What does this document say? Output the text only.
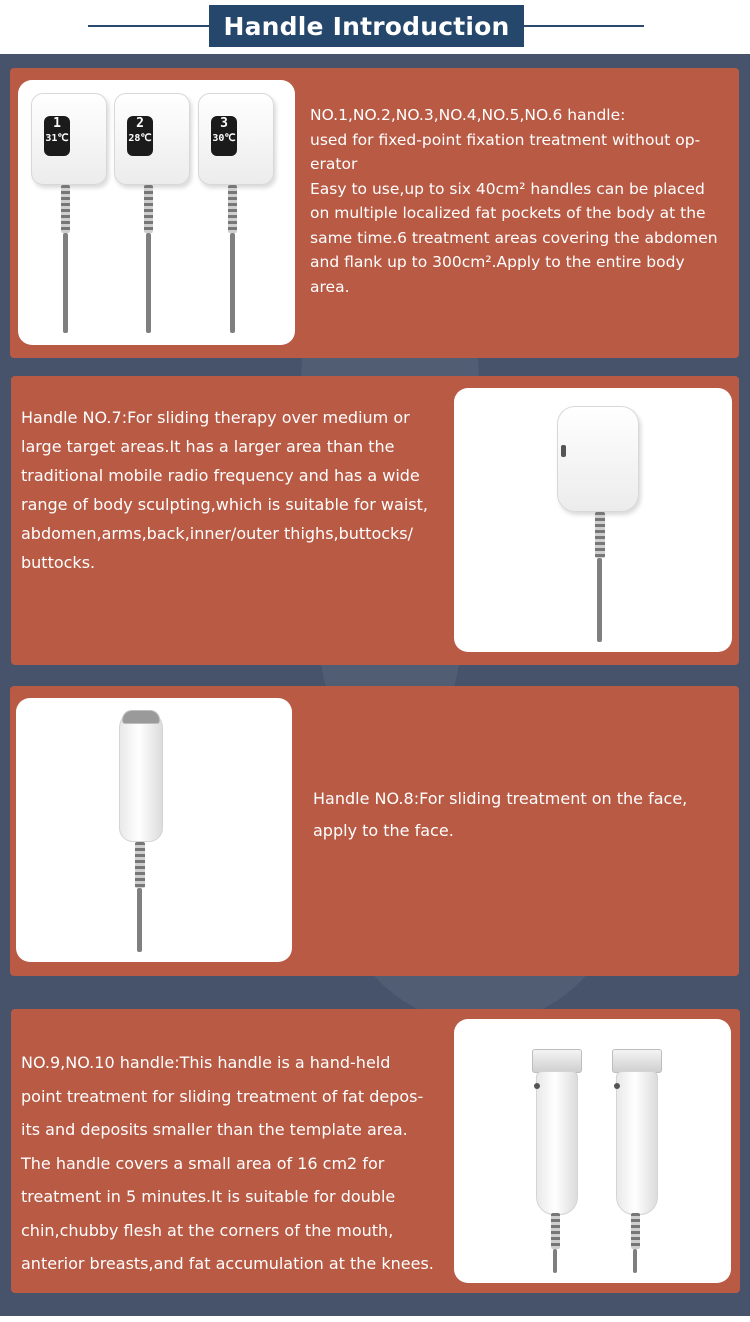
Handle Introduction
1
31℃
2
28℃
3
30℃

NO.1,NO.2,NO.3,NO.4,NO.5,NO.6 handle:

used for fixed-point fixation treatment without op-

erator

Easy to use,up to six 40cm² handles can be placed

on multiple localized fat pockets of the body at the

same time.6 treatment areas covering the abdomen

and flank up to 300cm².Apply to the entire body

area.

Handle NO.7:For sliding therapy over medium or

large target areas.It has a larger area than the

traditional mobile radio frequency and has a wide

range of body sculpting,which is suitable for waist,

abdomen,arms,back,inner/outer thighs,buttocks/

buttocks.

Handle NO.8:For sliding treatment on the face,

apply to the face.

NO.9,NO.10 handle:This handle is a hand-held

point treatment for sliding treatment of fat depos-

its and deposits smaller than the template area.

The handle covers a small area of 16 cm2 for

treatment in 5 minutes.It is suitable for double

chin,chubby flesh at the corners of the mouth,

anterior breasts,and fat accumulation at the knees.
